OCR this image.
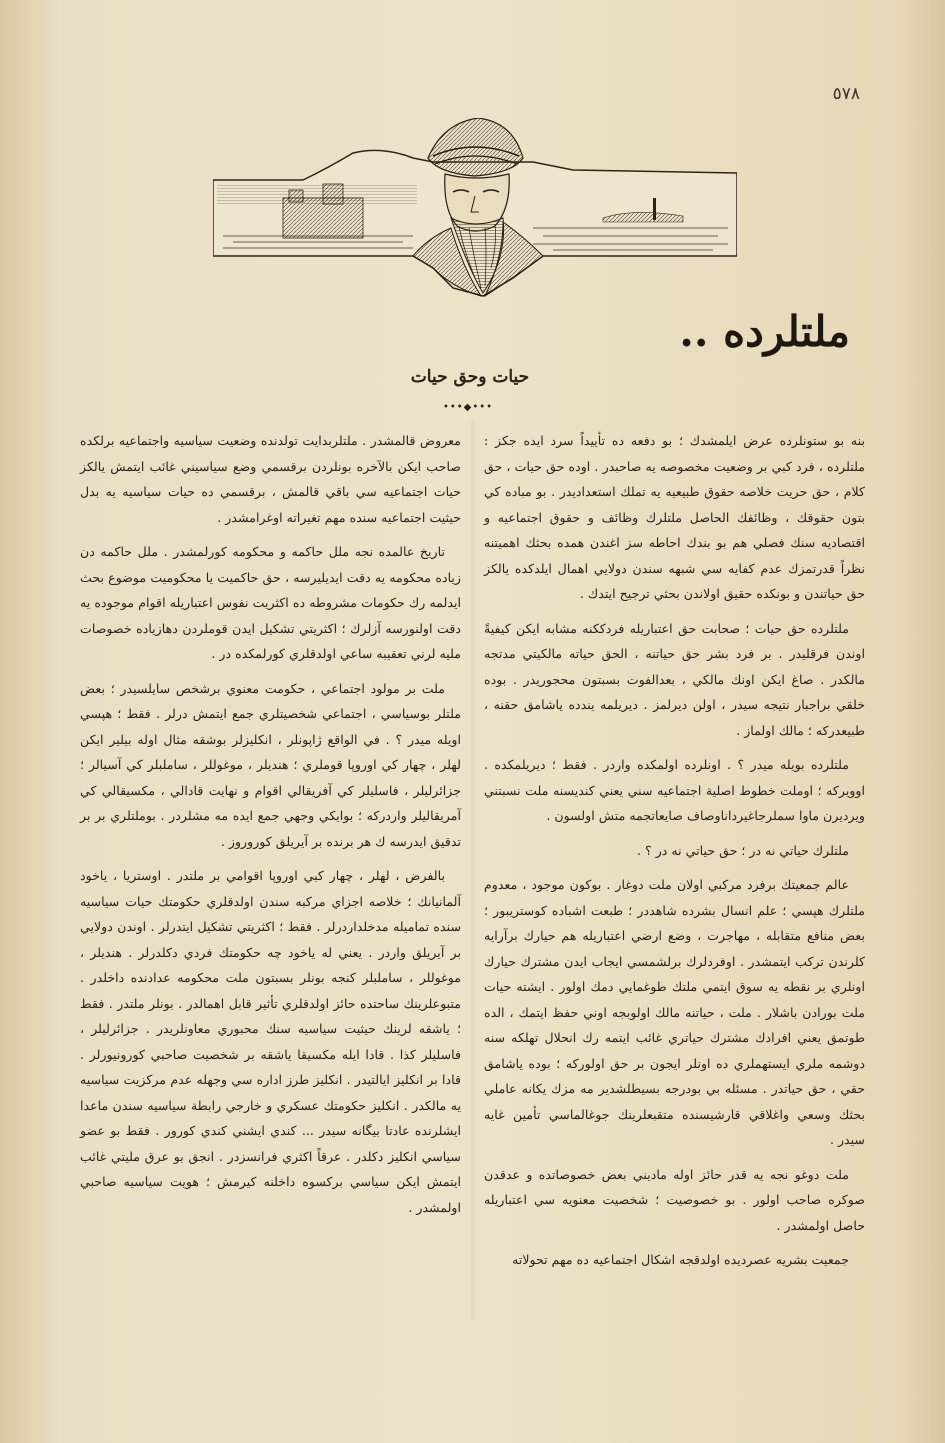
٥٧٨
ملتلرده ..
حيات وحق حيات
•••◆•••

بنه بو ستونلرده عرض ايلمشدك ؛ بو دفعه ده تأييداً سرد ايده جكز : ملتلرده ، فرد كبي بر وضعيت مخصوصه يه صاحبدر . اوده حق حيات ، حق كلام ، حق حريت خلاصه حقوق طبيعيه يه تملك استعداديدر . بو مباده كي بتون حقوقك ، وظائفك الحاصل ملتلرك وظائف و حقوق اجتماعيه و اقتصاديه سنك فصلي هم بو بندك احاطه سز اغندن همده بحثك اهميتنه نظراً قدرتمزك عدم كفايه سي شبهه سندن دولايي اهمال ايلدكده يالكز حق حياتندن و بونكده حقيق اولاندن بحثي ترجيح ايتدك .

ملتلرده حق حيات ؛ صحابت حق اعتباريله فردككنه مشابه ايكن كيفيةً اوندن فرقليدر . بر فرد بشر حق حياتنه ، الحق حياته مالكيتي مدتجه مالكدر . صاغ ايكن اونك مالكي ، بعدالفوت بسبتون محجوريدر . بوده خلقي براجبار نتيجه سيدر ، اولن ديرلمز . ديريلمه يندده ياشامق حقنه ، طبيعدركه ؛ مالك اولماز .

ملتلرده بويله ميدر ؟ . اونلرده اولمكده واردر . فقط ؛ ديريلمكده . اوويركه ؛ اوملت خطوط اصلية اجتماعيه سني يعني كنديسنه ملت نسبتني ويرديرن ماوا سملرجاغيرداناوصاف صايعاتجمه متش اولسون .

ملتلرك حياتي نه در ؛ حق حياتي نه در ؟ .

عالم جمعيتك برفرد مركبي اولان ملت دوغار . بوكون موجود ، معدوم ملتلرك هپسي ؛ علم انسال بشرده شاهددر ؛ طبعت اشباده كوستريبور ؛ بعض منافع متقابله ، مهاجرت ، وضع ارضي اعتباريله هم حيارك برآرايه كلرندن تركب ايتمشدر . اوفردلرك برلشمسي ايجاب ايدن مشترك حيارك اونلري بر نقطه يه سوق ايتمي ملتك طوغمايي دمك اولور . ايشته حيات ملت بورادن باشلار . ملت ، حياتنه مالك اولوبجه اوني حفظ ايتمك ، الده طوتمق يعني افرادك مشترك حياتري غائب ايتمه رك انحلال تهلكه سنه دوشمه ملري ايستهملري ده اونلر ايجون بر حق اولوركه ؛ بوده ياشامق حقي ، حق حياتدر . مسئله بي بودرجه بسيطلشدير مه مزك يكانه عاملي بحثك وسعي واغلاقي قارشيسنده متقبعلرينك جوغالماسي تأمين غايه سيدر .

ملت دوغو نجه يه قدر حائز اوله ماديني بعض خصوصاتده و عدقدن صوكره صاحب اولور . بو خصوصيت ؛ شخصيت معنويه سي اعتباريله حاصل اولمشدر .

جمعيت بشريه عصرديده اولدقجه اشكال اجتماعيه ده مهم تحولاته

معروض قالمشدر . ملتلربدايت تولدنده وضعيت سياسيه واجتماعيه برلكده صاحب ايكن بالآخره بونلردن برقسمي وضع سياسيني غائب ايتمش يالكز حيات اجتماعيه سي باقي قالمش ، برقسمي ده حيات سياسيه يه بدل حيثيت اجتماعيه سنده مهم تغيراته اوغرامشدر .

تاريخ عالمده نجه ملل حاكمه و محكومه كورلمشدر . ملل حاكمه دن زياده محكومه يه دقت ايديليرسه ، حق حاكميت يا محكوميت موضوع بحث ايدلمه رك حكومات مشروطه ده اكثريت نفوس اعتباريله اقوام موجوده يه دقت اولنورسه آزلرك ؛ اكثريتي تشكيل ايدن قوملردن دهازياده خصوصات مليه لرني تعقيبه ساعي اولدقلري كورلمكده در .

ملت بر مولود اجتماعي ، حكومت معنوي برشخص سايلسيدر ؛ بعض ملتلر بوسياسي ، اجتماعي شخصيتلري جمع ايتمش درلر . فقط ؛ هپسي اويله ميدر ؟ . في الواقع ژاپونلر ، انكليزلر بوشقه مثال اوله بيلير ايكن لهلر ، چهار كي اوروپا قوملري ؛ هنديلر ، موغوللر ، ساملبلر كي آسيالر ؛ جزائرليلر ، فاسليلر كي آفريقالي اقوام و نهايت قادالي ، مكسيقالي كي آمريقاليلر واردركه ؛ بوايكي وجهي جمع ايده مه مشلردر . بوملتلري بر بر تدقيق ايدرسه ك هر برنده بر آيريلق كوروروز .

بالفرض ، لهلر ، چهار كبي اوروپا اقوامي بر ملتدر . اوستريا ، ياخود آلمانيانك ؛ خلاصه اجزاي مركبه سندن اولدقلري حكومتك حيات سياسيه سنده تماميله مدخلداردرلر . فقط ؛ اكثريتي تشكيل ايتدرلر . اوندن دولايي بر آيريلق واردر . يعني له ياخود چه حكومتك فردي دكلدرلر . هنديلر ، موغوللر ، ساملبلر كنجه بونلر بسبتون ملت محكومه عدادنده داخلدر . متبوعلرينك ساحتده حائز اولدقلري تأثير قابل اهمالدر . بونلر ملتدر . فقط ؛ ياشقه لرينك حيثيت سياسيه سنك محبوري معاونلريدر . جزائرليلر ، فاسليلر كذا . قادا ايله مكسيقا ياشقه بر شخصيت صاحبي كورونيورلر . قادا بر انكليز ايالتيدر . انكليز طرز اداره سي وجهله عدم مركزيت سياسيه يه مالكدر . انكليز حكومتك عسكري و خارجي رابطة سياسيه سندن ماعدا ايشلرنده عادتا بيگانه سيدر ... كندي ايشني كندي كورور . فقط بو عضو سياسي انكليز دكلدر . عرقاً اكثري فرانسزدر . انجق بو عرق مليتي غائب ايتمش ايكن سياسي بركسوه داخلنه كيرمش ؛ هويت سياسيه صاحبي اولمشدر .
